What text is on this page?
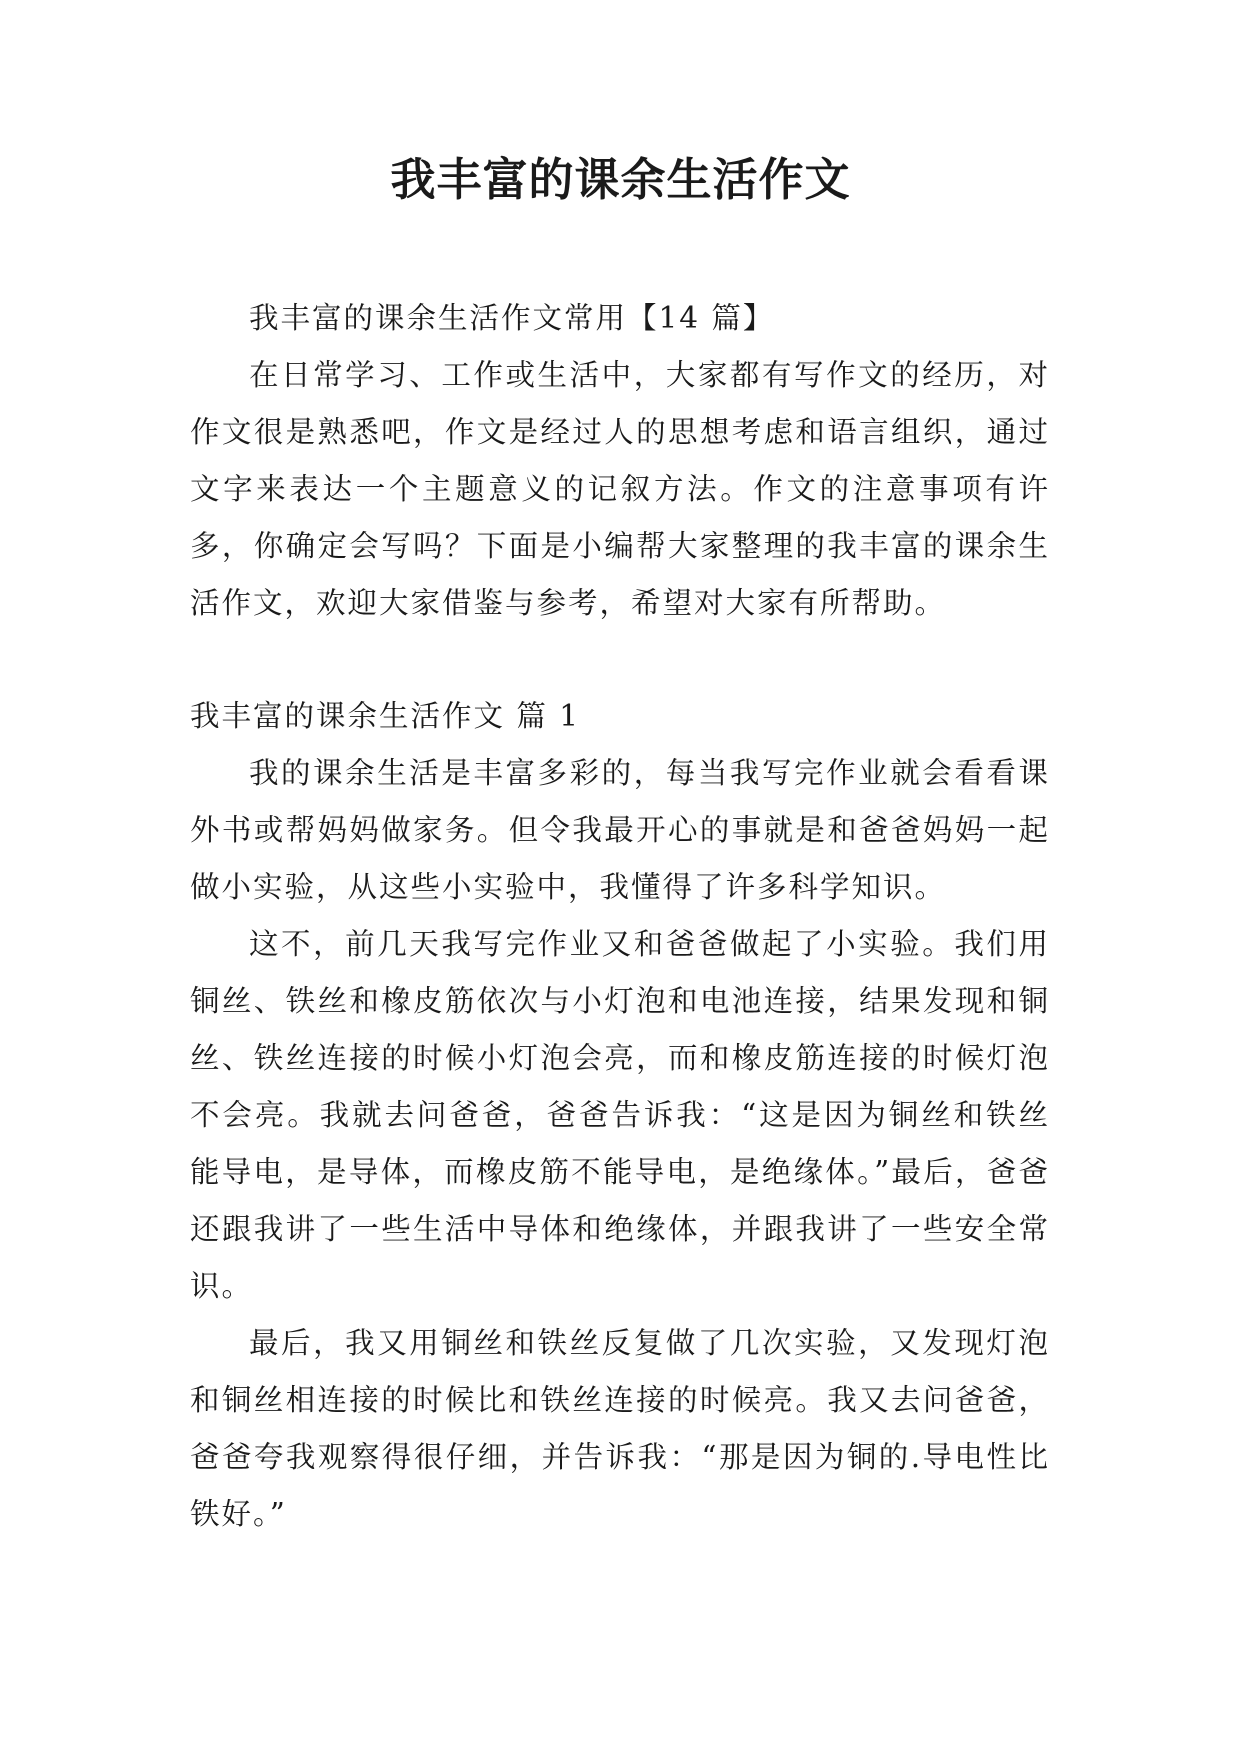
我丰富的课余生活作文

我丰富的课余生活作文常用【14 篇】

在日常学习、工作或生活中，大家都有写作文的经历，对作文很是熟悉吧，作文是经过人的思想考虑和语言组织，通过文字来表达一个主题意义的记叙方法。作文的注意事项有许多，你确定会写吗？下面是小编帮大家整理的我丰富的课余生活作文，欢迎大家借鉴与参考，希望对大家有所帮助。

我丰富的课余生活作文 篇 1

我的课余生活是丰富多彩的，每当我写完作业就会看看课外书或帮妈妈做家务。但令我最开心的事就是和爸爸妈妈一起做小实验，从这些小实验中，我懂得了许多科学知识。

这不，前几天我写完作业又和爸爸做起了小实验。我们用铜丝、铁丝和橡皮筋依次与小灯泡和电池连接，结果发现和铜丝、铁丝连接的时候小灯泡会亮，而和橡皮筋连接的时候灯泡不会亮。我就去问爸爸，爸爸告诉我：“这是因为铜丝和铁丝能导电，是导体，而橡皮筋不能导电，是绝缘体。”最后，爸爸还跟我讲了一些生活中导体和绝缘体，并跟我讲了一些安全常识。

最后，我又用铜丝和铁丝反复做了几次实验，又发现灯泡和铜丝相连接的时候比和铁丝连接的时候亮。我又去问爸爸，爸爸夸我观察得很仔细，并告诉我：“那是因为铜的.导电性比铁好。”
